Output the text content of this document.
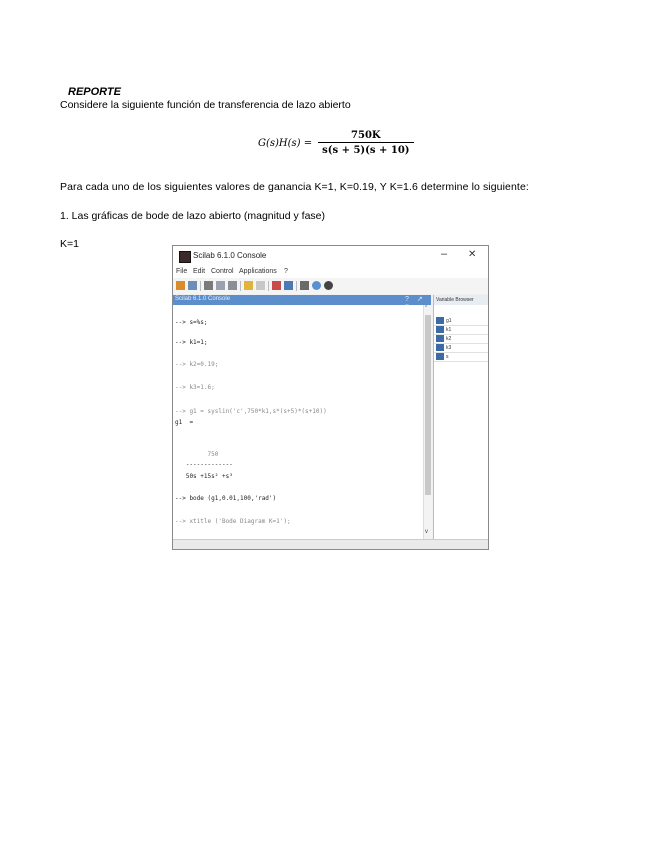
REPORTE
Considere la siguiente función de transferencia de lazo abierto
$G(s)H(s) = \frac{750K}{s(s + 5)(s + 10)}$
Para cada uno de los siguientes valores de ganancia K=1, K=0.19, Y K=1.6 determine lo siguiente:
1. Las gráficas de bode de lazo abierto (magnitud y fase)
K=1
Scilab 6.1.0 Console	– ✕
File Edit Control Applications ?
Scilab 6.1.0 Console	? ↗
--> s=%s;
--> k1=1;
--> k2=0.19;
--> k3=1.6;
--> g1 = syslin('c',750*k1,s*(s+5)*(s+10))
g1  =
750
-------------
50s +15s² +s³
--> bode (g1,0.01,100,'rad')
--> xtitle ('Bode Diagram K=1');
^
v
Variable Browser
g1
k1
k2
k3
s
